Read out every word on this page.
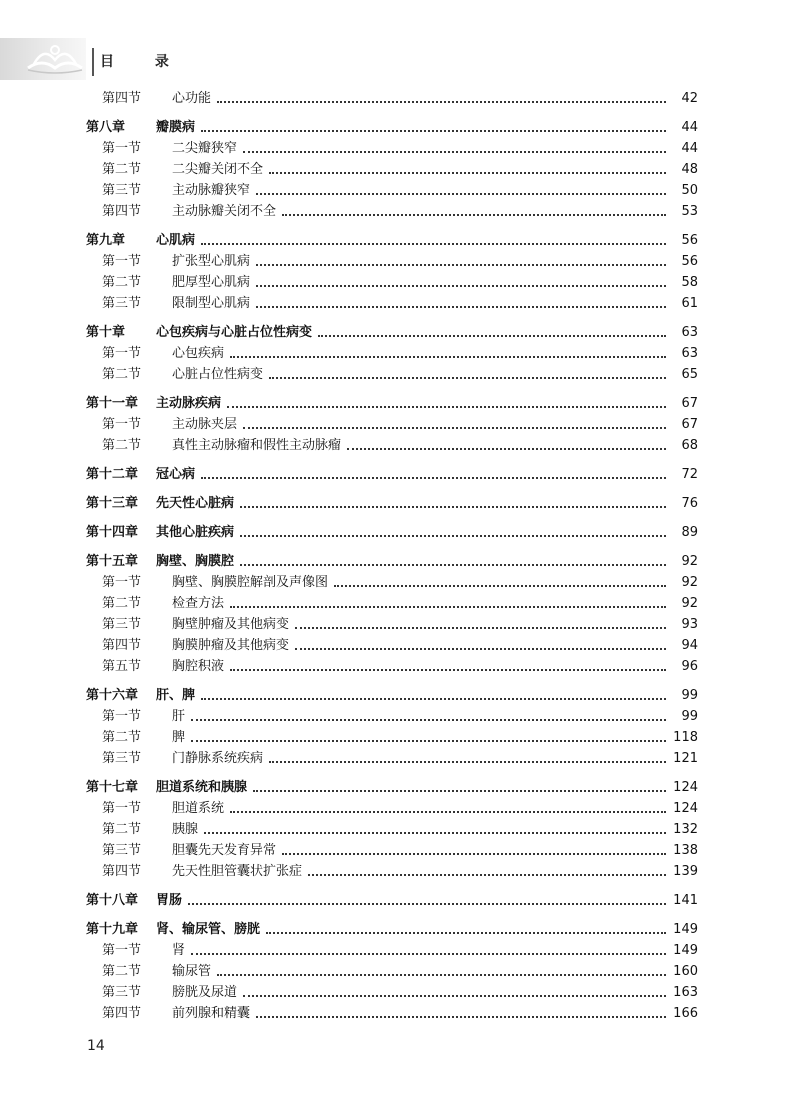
目 录
第四节	心功能	42
第八章	瓣膜病	44
第一节	二尖瓣狭窄	44
第二节	二尖瓣关闭不全	48
第三节	主动脉瓣狭窄	50
第四节	主动脉瓣关闭不全	53
第九章	心肌病	56
第一节	扩张型心肌病	56
第二节	肥厚型心肌病	58
第三节	限制型心肌病	61
第十章	心包疾病与心脏占位性病变	63
第一节	心包疾病	63
第二节	心脏占位性病变	65
第十一章	主动脉疾病	67
第一节	主动脉夹层	67
第二节	真性主动脉瘤和假性主动脉瘤	68
第十二章	冠心病	72
第十三章	先天性心脏病	76
第十四章	其他心脏疾病	89
第十五章	胸壁、胸膜腔	92
第一节	胸壁、胸膜腔解剖及声像图	92
第二节	检查方法	92
第三节	胸壁肿瘤及其他病变	93
第四节	胸膜肿瘤及其他病变	94
第五节	胸腔积液	96
第十六章	肝、脾	99
第一节	肝	99
第二节	脾	118
第三节	门静脉系统疾病	121
第十七章	胆道系统和胰腺	124
第一节	胆道系统	124
第二节	胰腺	132
第三节	胆囊先天发育异常	138
第四节	先天性胆管囊状扩张症	139
第十八章	胃肠	141
第十九章	肾、输尿管、膀胱	149
第一节	肾	149
第二节	输尿管	160
第三节	膀胱及尿道	163
第四节	前列腺和精囊	166
14
